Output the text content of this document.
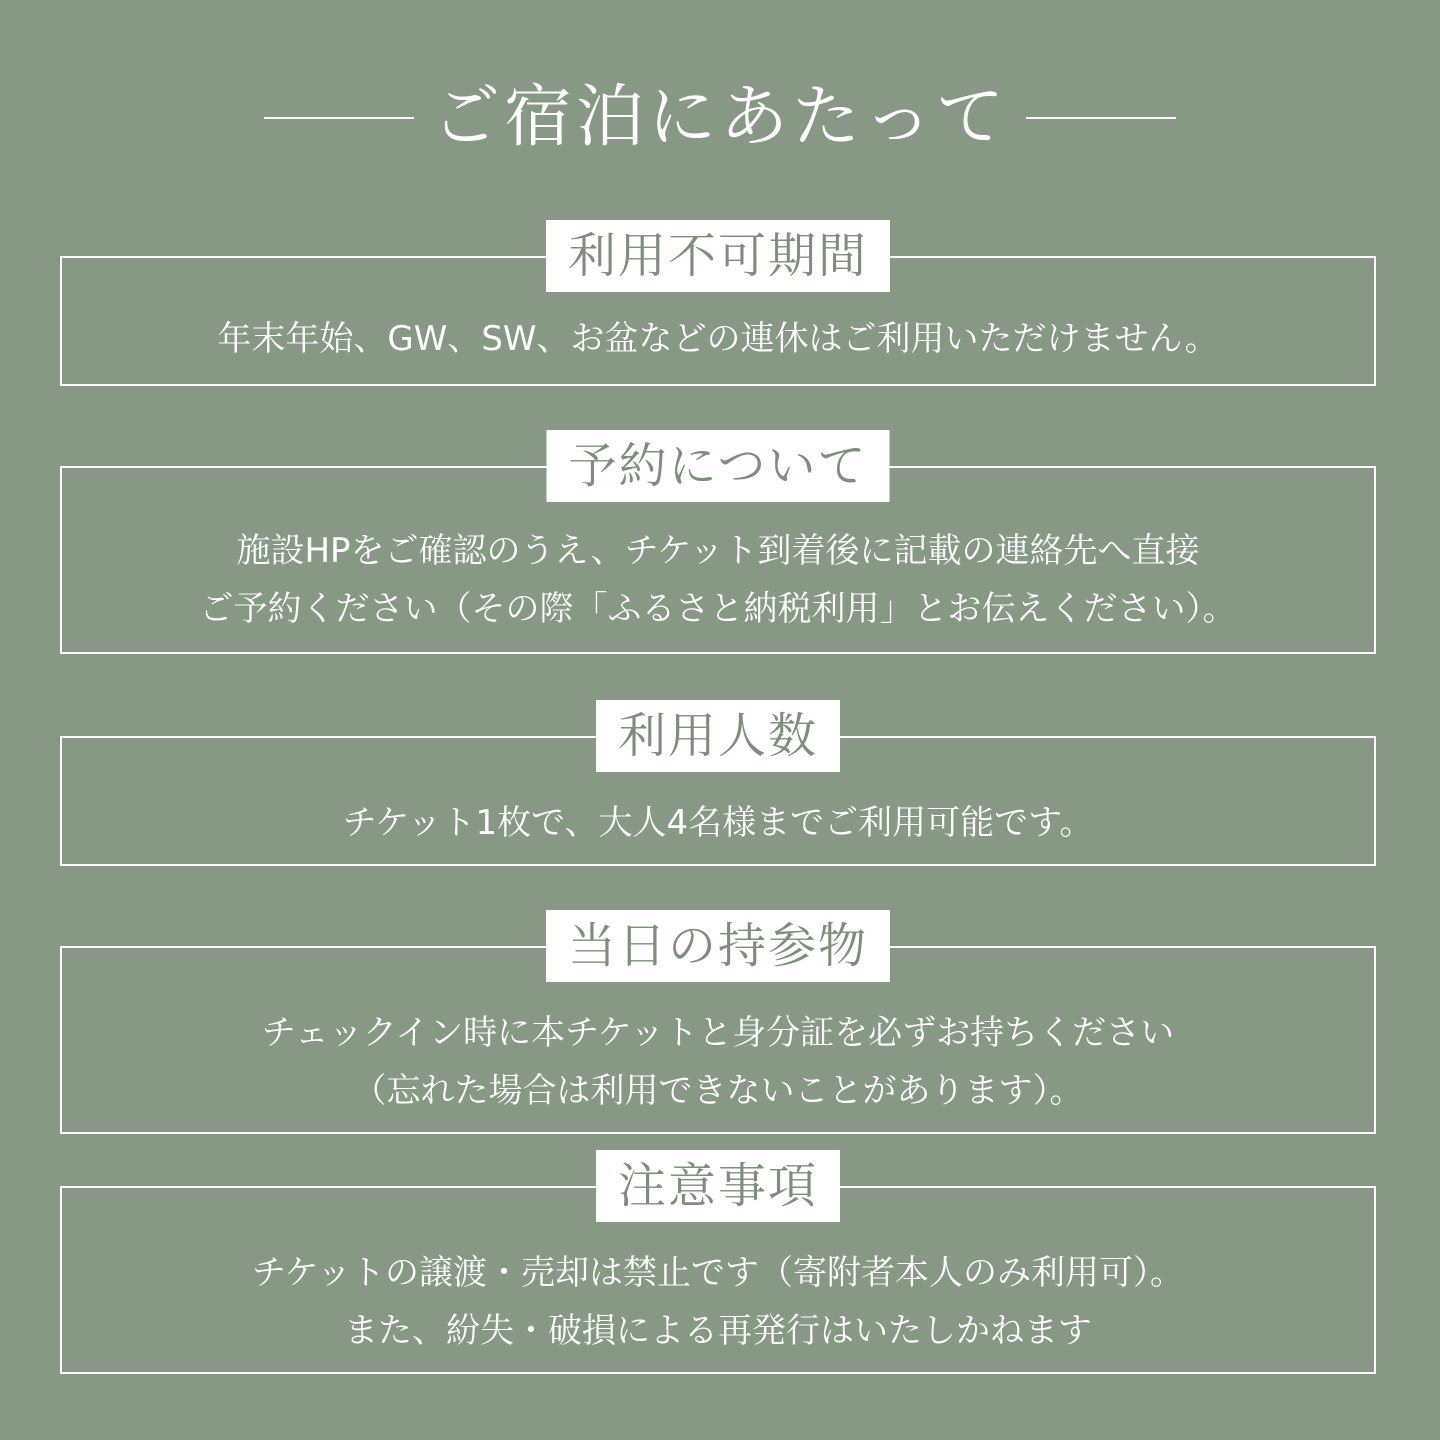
ご宿泊にあたって
利用不可期間
年末年始、GW、SW、お盆などの連休はご利用いただけません。
予約について
施設HPをご確認のうえ、チケット到着後に記載の連絡先へ直接
ご予約ください（その際「ふるさと納税利用」とお伝えください）。
利用人数
チケット1枚で、大人4名様までご利用可能です。
当日の持参物
チェックイン時に本チケットと身分証を必ずお持ちください
（忘れた場合は利用できないことがあります）。
注意事項
チケットの譲渡・売却は禁止です（寄附者本人のみ利用可）。
また、紛失・破損による再発行はいたしかねます
